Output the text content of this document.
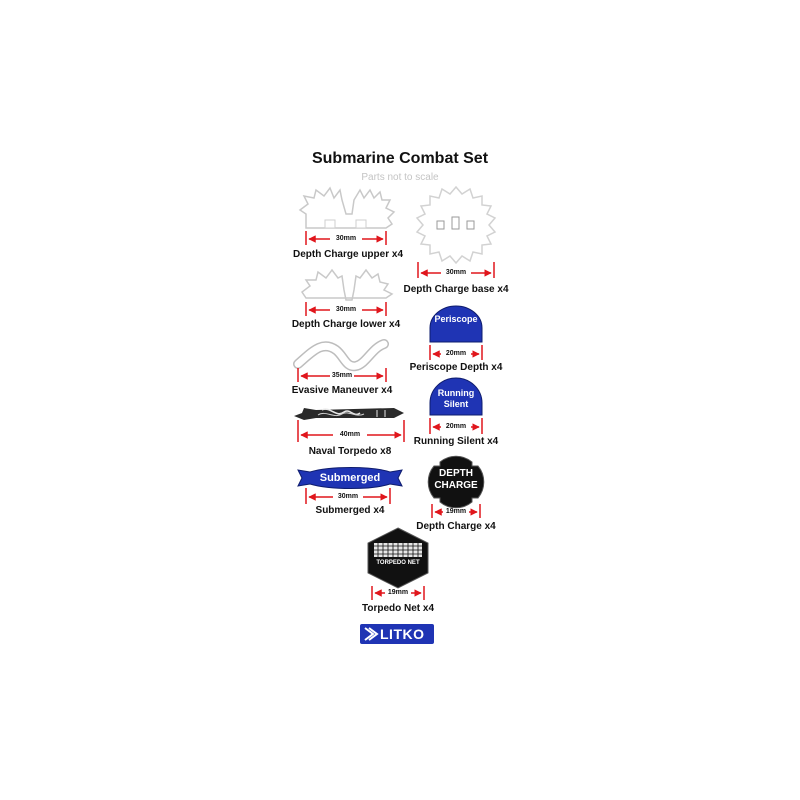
Submarine Combat Set
Parts not to scale
30mm
30mm
30mm
20mm
35mm
20mm
40mm
19mm
30mm
19mm
Depth Charge upper x4
Depth Charge base x4
Depth Charge lower x4
Periscope Depth x4
Evasive Maneuver x4
Running Silent x4
Naval Torpedo x8
Depth Charge x4
Submerged x4
Torpedo Net x4
Periscope
Running
Silent
DEPTH
CHARGE
Submerged
TORPEDO NET
LITKO
